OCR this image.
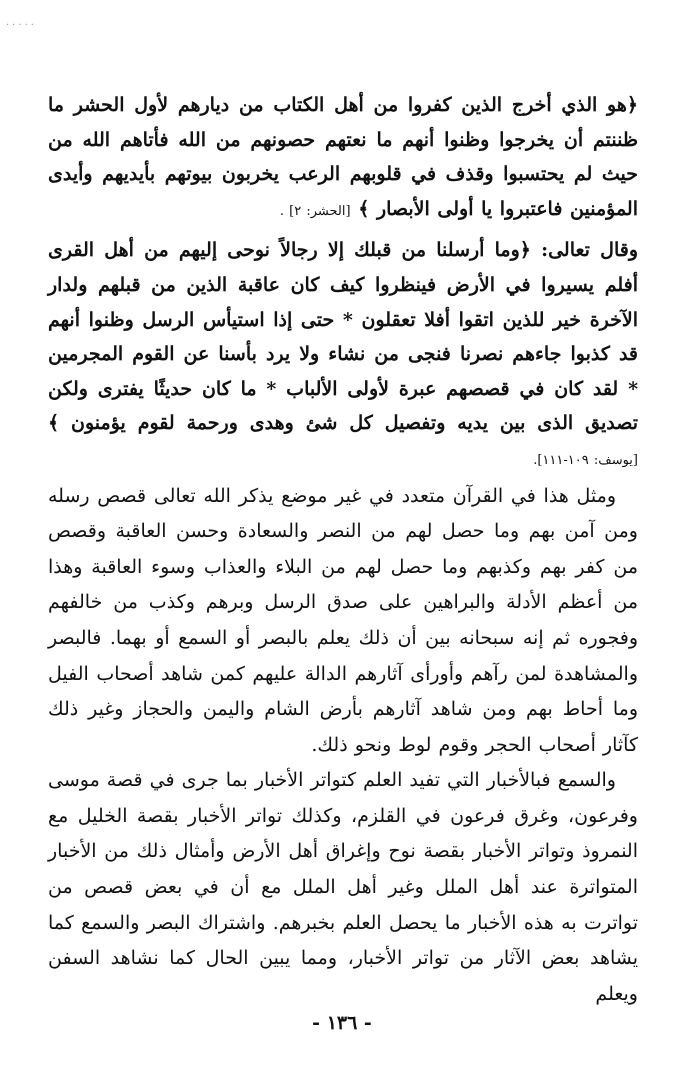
·····

﴿هو الذي أخرج الذين كفروا من أهل الكتاب من ديارهم لأول الحشر ما ظننتم أن يخرجوا وظنوا أنهم ما نعتهم حصونهم من الله فأتاهم الله من حيث لم يحتسبوا وقذف في قلوبهم الرعب يخربون بيوتهم بأيديهم وأيدى المؤمنين فاعتبروا يا أولى الأبصار ﴾ [الحشر: ٢] .

وقال تعالى: ﴿وما أرسلنا من قبلك إلا رجالاً نوحى إليهم من أهل القرى أفلم يسيروا في الأرض فينظروا كيف كان عاقبة الذين من قبلهم ولدار الآخرة خير للذين اتقوا أفلا تعقلون * حتى إذا استيأس الرسل وظنوا أنهم قد كذبوا جاءهم نصرنا فنجى من نشاء ولا يرد بأسنا عن القوم المجرمين * لقد كان في قصصهم عبرة لأولى الألباب * ما كان حديثًا يفترى ولكن تصديق الذى بين يديه وتفصيل كل شئ وهدى ورحمة لقوم يؤمنون ﴾ [يوسف: ١٠٩-١١١].

ومثل هذا في القرآن متعدد في غير موضع يذكر الله تعالى قصص رسله ومن آمن بهم وما حصل لهم من النصر والسعادة وحسن العاقبة وقصص من كفر بهم وكذبهم وما حصل لهم من البلاء والعذاب وسوء العاقبة وهذا من أعظم الأدلة والبراهين على صدق الرسل وبرهم وكذب من خالفهم وفجوره ثم إنه سبحانه بين أن ذلك يعلم بالبصر أو السمع أو بهما. فالبصر والمشاهدة لمن رآهم وأورأى آثارهم الدالة عليهم كمن شاهد أصحاب الفيل وما أحاط بهم ومن شاهد آثارهم بأرض الشام واليمن والحجاز وغير ذلك كآثار أصحاب الحجر وقوم لوط ونحو ذلك.

والسمع فبالأخبار التي تفيد العلم كتواتر الأخبار بما جرى في قصة موسى وفرعون، وغرق فرعون في القلزم، وكذلك تواتر الأخبار بقصة الخليل مع النمروذ وتواتر الأخبار بقصة نوح وإغراق أهل الأرض وأمثال ذلك من الأخبار المتواترة عند أهل الملل وغير أهل الملل مع أن في بعض قصص من تواترت به هذه الأخبار ما يحصل العلم بخبرهم. واشتراك البصر والسمع كما يشاهد بعض الآثار من تواتر الأخبار، ومما يبين الحال كما نشاهد السفن ويعلم

- ١٣٦ -
